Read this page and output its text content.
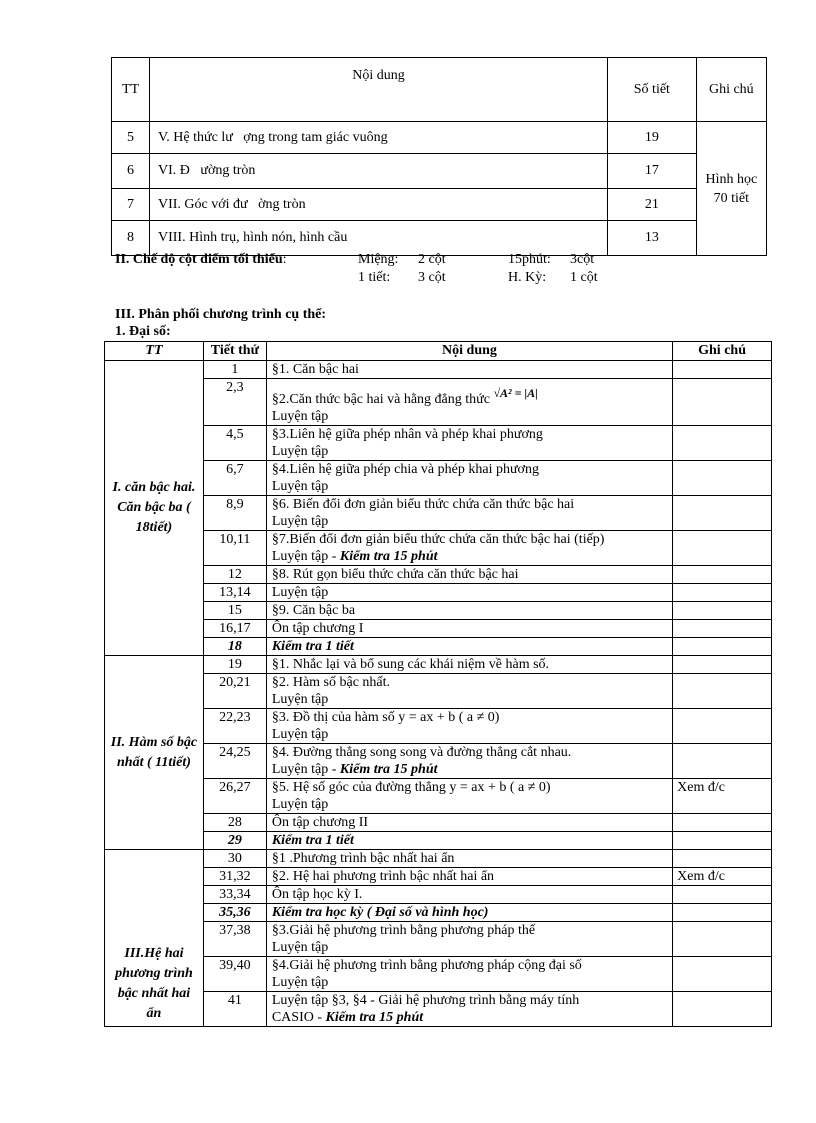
TT	Nội dung	Số tiết	Ghi chú
5	V. Hệ thức lư   ợng trong tam giác vuông	19	Hình học 70 tiết
6	VI. Đ   ường tròn	17	
7	VII. Góc với đư   ờng tròn	21	
8	VIII. Hình trụ, hình nón, hình cầu	13	
II. Chế độ cột điểm tối thiểu:	Miệng: 2 cột	15phút: 3cột
1 tiết: 3 cột	H. Kỳ: 1 cột
III. Phân phối chương trình cụ thể:
1. Đại số:
TT	Tiết thứ	Nội dung	Ghi chú
I. căn bậc hai. Căn bậc ba ( 18tiết)	1	§1. Căn bậc hai	
	2,3	§2.Căn thức bậc hai và hằng đẳng thức √A² = |A|
Luyện tập	
	4,5	§3.Liên hệ giữa phép nhân và phép khai phương
Luyện tập	
	6,7	§4.Liên hệ giữa phép chia và phép khai phương
Luyện tập	
	8,9	§6. Biến đổi đơn giản biểu thức chứa căn thức bậc hai
Luyện tập	
	10,11	§7.Biến đổi đơn giản biểu thức chứa căn thức bậc hai (tiếp)
Luyện tập - Kiểm tra 15 phút	
	12	§8. Rút gọn biểu thức chứa căn thức bậc hai	
	13,14	Luyện tập	
	15	§9. Căn bậc ba	
	16,17	Ôn tập chương I	
	18	Kiểm tra 1 tiết	
II. Hàm số bậc nhất ( 11tiết)	19	§1. Nhắc lại và bổ sung các khái niệm về hàm số.	
	20,21	§2. Hàm số bậc nhất.
Luyện tập	
	22,23	§3. Đồ thị của hàm số y = ax + b ( a ≠ 0)
Luyện tập	
	24,25	§4. Đường thẳng song song và đường thẳng cắt nhau.
Luyện tập - Kiểm tra 15 phút	
	26,27	§5. Hệ số góc của đường thẳng y = ax + b ( a ≠ 0)
Luyện tập	Xem đ/c
	28	Ôn tập chương II	
	29	Kiểm tra 1 tiết	
III.Hệ hai phương trình bậc nhất hai ẩn	30	§1 .Phương trình bậc nhất hai ẩn	
	31,32	§2. Hệ hai phương trình bậc nhất hai ẩn	Xem đ/c
	33,34	Ôn tập học kỳ I.	
	35,36	Kiểm tra học kỳ ( Đại số và hình học)	
	37,38	§3.Giải hệ phương trình bằng phương pháp thế
Luyện tập	
	39,40	§4.Giải hệ phương trình bằng phương pháp cộng đại số
Luyện tập	
	41	Luyện tập §3, §4 - Giải hệ phương trình bằng máy tính
CASIO - Kiểm tra 15 phút	
